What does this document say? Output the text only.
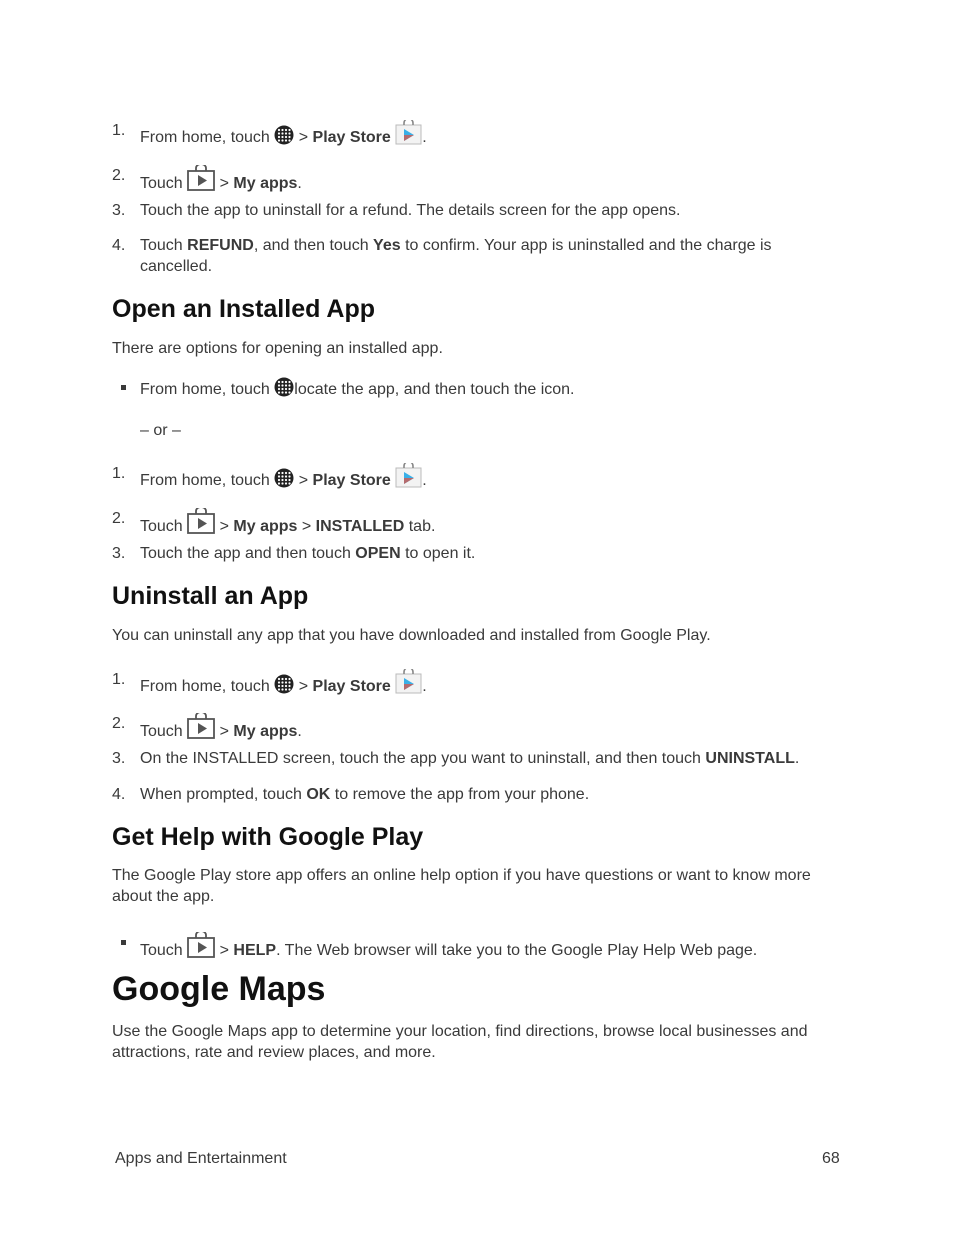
1. From home, touch > Play Store .
2. Touch > My apps.
3. Touch the app to uninstall for a refund. The details screen for the app opens.
4. Touch REFUND, and then touch Yes to confirm. Your app is uninstalled and the charge is cancelled.
Open an Installed App
There are options for opening an installed app.
From home, touch locate the app, and then touch the icon.
– or –
1. From home, touch > Play Store .
2. Touch > My apps > INSTALLED tab.
3. Touch the app and then touch OPEN to open it.
Uninstall an App
You can uninstall any app that you have downloaded and installed from Google Play.
1. From home, touch > Play Store .
2. Touch > My apps.
3. On the INSTALLED screen, touch the app you want to uninstall, and then touch UNINSTALL.
4. When prompted, touch OK to remove the app from your phone.
Get Help with Google Play
The Google Play store app offers an online help option if you have questions or want to know more about the app.
Touch > HELP. The Web browser will take you to the Google Play Help Web page.
Google Maps
Use the Google Maps app to determine your location, find directions, browse local businesses and attractions, rate and review places, and more.
Apps and Entertainment	68
